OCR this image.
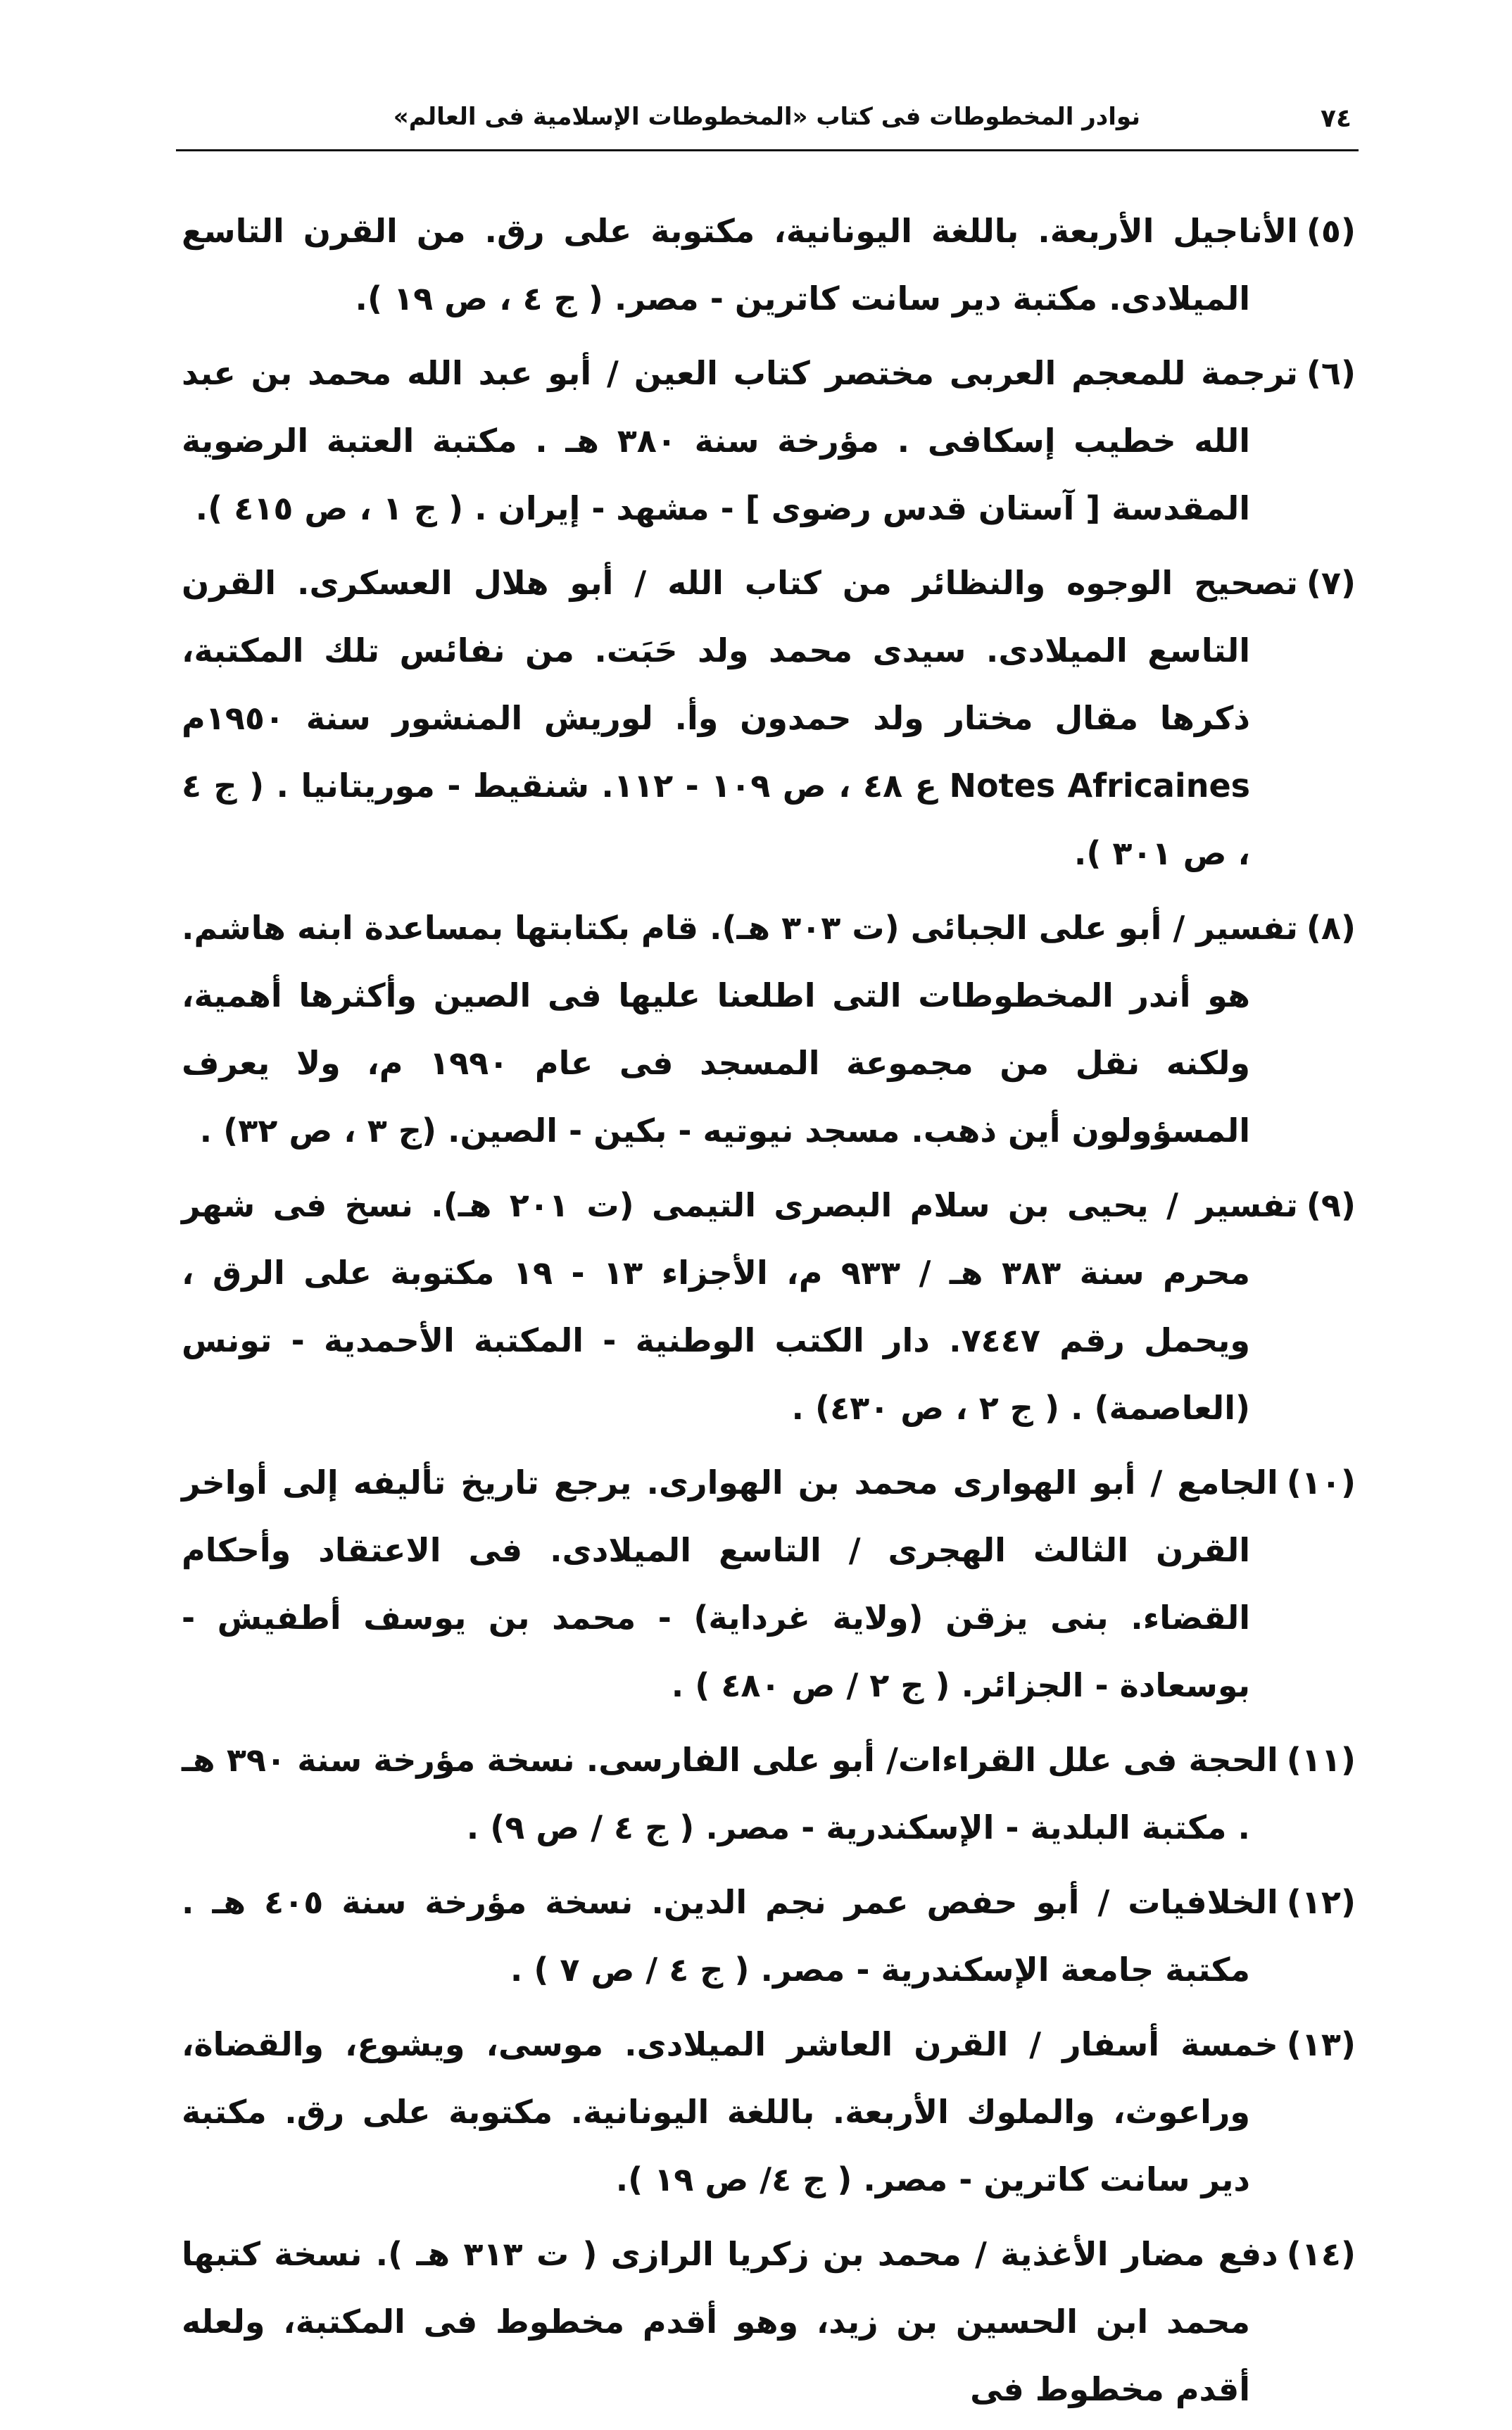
٧٤
نوادر المخطوطات فى كتاب «المخطوطات الإسلامية فى العالم»

(٥)الأناجيل الأربعة. باللغة اليونانية، مكتوبة على رق. من القرن التاسع الميلادى. مكتبة دير سانت كاترين - مصر. ( ج ٤ ، ص ١٩ ).

(٦)ترجمة للمعجم العربى مختصر كتاب العين / أبو عبد الله محمد بن عبد الله خطيب إسكافى . مؤرخة سنة ٣٨٠ هـ . مكتبة العتبة الرضوية المقدسة [ آستان قدس رضوى ] - مشهد - إيران . ( ج ١ ، ص ٤١٥ ).

(٧)تصحيح الوجوه والنظائر من كتاب الله / أبو هلال العسكرى. القرن التاسع الميلادى. سيدى محمد ولد حَبَت. من نفائس تلك المكتبة، ذكرها مقال مختار ولد حمدون وأ. لوريش المنشور سنة ١٩٥٠م Notes Africaines ع ٤٨ ، ص ١٠٩ - ١١٢. شنقيط - موريتانيا . ( ج ٤ ، ص ٣٠١ ).

(٨)تفسير / أبو على الجبائى (ت ٣٠٣ هـ). قام بكتابتها بمساعدة ابنه هاشم. هو أندر المخطوطات التى اطلعنا عليها فى الصين وأكثرها أهمية، ولكنه نقل من مجموعة المسجد فى عام ١٩٩٠ م، ولا يعرف المسؤولون أين ذهب. مسجد نيوتيه - بكين - الصين. (ج ٣ ، ص ٣٢) .

(٩)تفسير / يحيى بن سلام البصرى التيمى (ت ٢٠١ هـ). نسخ فى شهر محرم سنة ٣٨٣ هـ / ٩٣٣ م، الأجزاء ١٣ - ١٩ مكتوبة على الرق ، ويحمل رقم ٧٤٤٧. دار الكتب الوطنية - المكتبة الأحمدية - تونس (العاصمة) . ( ج ٢ ، ص ٤٣٠) .

(١٠)الجامع / أبو الهوارى محمد بن الهوارى. يرجع تاريخ تأليفه إلى أواخر القرن الثالث الهجرى / التاسع الميلادى. فى الاعتقاد وأحكام القضاء. بنى يزقن (ولاية غرداية) - محمد بن يوسف أطفيش - بوسعادة - الجزائر. ( ج ٢ / ص ٤٨٠ ) .

(١١)الحجة فى علل القراءات/ أبو على الفارسى. نسخة مؤرخة سنة ٣٩٠ هـ . مكتبة البلدية - الإسكندرية - مصر. ( ج ٤ / ص ٩) .

(١٢)الخلافيات / أبو حفص عمر نجم الدين. نسخة مؤرخة سنة ٤٠٥ هـ . مكتبة جامعة الإسكندرية - مصر. ( ج ٤ / ص ٧ ) .

(١٣)خمسة أسفار / القرن العاشر الميلادى. موسى، ويشوع، والقضاة، وراعوث، والملوك الأربعة. باللغة اليونانية. مكتوبة على رق. مكتبة دير سانت كاترين - مصر. ( ج ٤/ ص ١٩ ).

(١٤)دفع مضار الأغذية / محمد بن زكريا الرازى ( ت ٣١٣ هـ ). نسخة كتبها محمد ابن الحسين بن زيد، وهو أقدم مخطوط فى المكتبة، ولعله أقدم مخطوط فى
